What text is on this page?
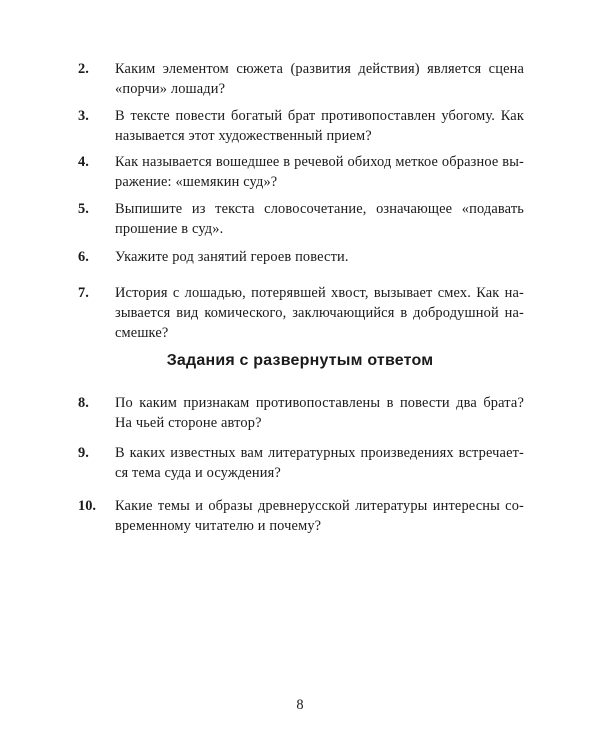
2. Каким элементом сюжета (развития действия) является сцена
«порчи» лошади?
3. В тексте повести богатый брат противопоставлен убогому. Как
называется этот художественный прием?
4. Как называется вошедшее в речевой обиход меткое образное вы-
ражение: «шемякин суд»?
5. Выпишите из текста словосочетание, означающее «подавать
прошение в суд».
6. Укажите род занятий героев повести.
7. История с лошадью, потерявшей хвост, вызывает смех. Как на-
зывается вид комического, заключающийся в добродушной на-
смешке?
Задания с развернутым ответом
8. По каким признакам противопоставлены в повести два брата?
На чьей стороне автор?
9. В каких известных вам литературных произведениях встречает-
ся тема суда и осуждения?
10. Какие темы и образы древнерусской литературы интересны со-
временному читателю и почему?
8
